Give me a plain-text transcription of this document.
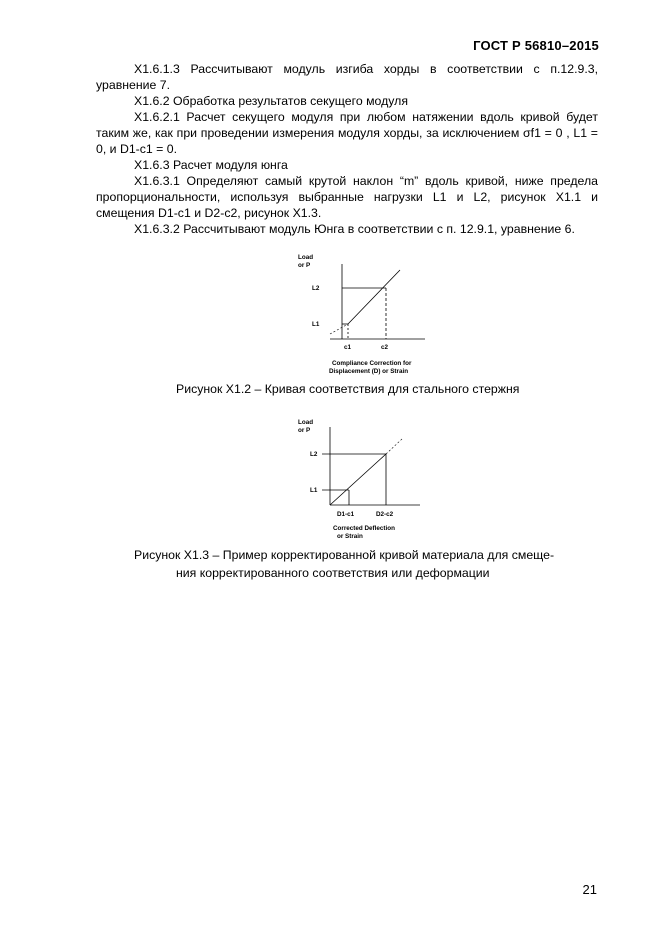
ГОСТ Р 56810–2015

Х1.6.1.3 Рассчитывают модуль изгиба хорды в соответствии с п.12.9.3, уравнение 7.

Х1.6.2 Обработка результатов секущего модуля

Х1.6.2.1 Расчет секущего модуля при любом натяжении вдоль кривой будет таким же, как при проведении измерения модуля хорды, за исключением σf1 = 0 , L1 = 0, и D1-c1 = 0.

Х1.6.3 Расчет модуля юнга

Х1.6.3.1 Определяют самый крутой наклон “m” вдоль кривой, ниже предела пропорциональности, используя выбранные нагрузки L1 и L2, рисунок Х1.1 и смещения D1-c1 и D2-c2, рисунок Х1.3.

Х1.6.3.2 Рассчитывают модуль Юнга в соответствии с п. 12.9.1, уравнение 6.

Load
or P
L2
L1
c1	c2
Compliance Correction for
Displacement (D) or Strain
Рисунок Х1.2 – Кривая соответствия для стального стержня
Load
or P
L2
L1
D1-c1	D2-c2
Corrected Deflection
or Strain
Рисунок Х1.3 – Пример корректированной кривой материала для смеще-
ния корректированного соответствия или деформации
21
